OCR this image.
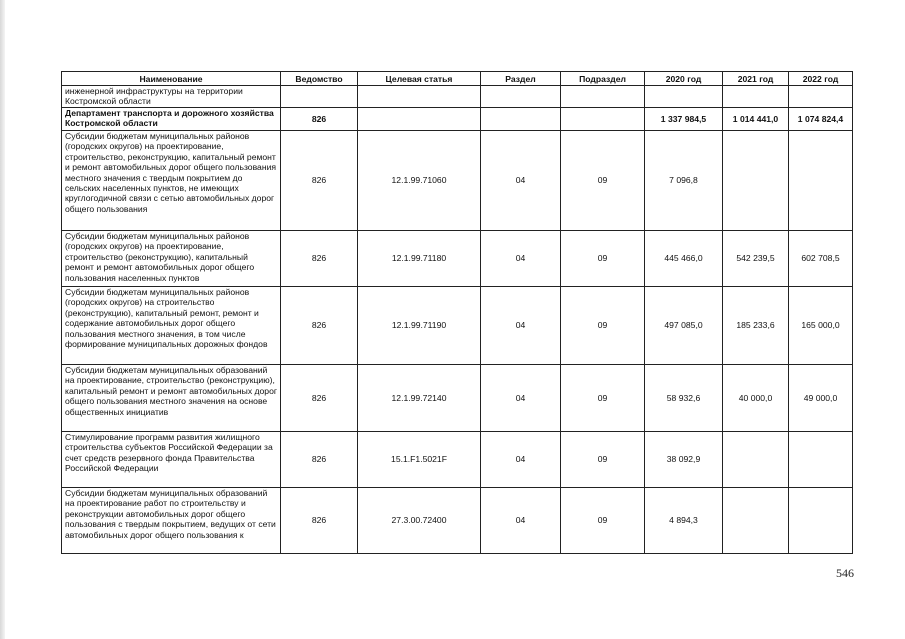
Наименование	Ведомство	Целевая статья	Раздел	Подраздел	2020 год	2021 год	2022 год
инженерной инфраструктуры на территории Костромской области							
Департамент транспорта и дорожного хозяйства Костромской области	826				1 337 984,5	1 014 441,0	1 074 824,4
Субсидии бюджетам муниципальных районов (городских округов) на проектирование, строительство, реконструкцию, капитальный ремонт и ремонт автомобильных дорог общего пользования местного значения с твердым покрытием до сельских населенных пунктов, не имеющих круглогодичной связи с сетью автомобильных дорог общего пользования	826	12.1.99.71060	04	09	7 096,8		
Субсидии бюджетам муниципальных районов (городских округов) на проектирование, строительство (реконструкцию), капитальный ремонт и ремонт автомобильных дорог общего пользования населенных пунктов	826	12.1.99.71180	04	09	445 466,0	542 239,5	602 708,5
Субсидии бюджетам муниципальных районов (городских округов) на строительство (реконструкцию), капитальный ремонт, ремонт и содержание автомобильных дорог общего пользования местного значения, в том числе формирование муниципальных дорожных фондов	826	12.1.99.71190	04	09	497 085,0	185 233,6	165 000,0
Субсидии бюджетам муниципальных образований на проектирование, строительство (реконструкцию), капитальный ремонт и ремонт автомобильных дорог общего пользования местного значения на основе общественных инициатив	826	12.1.99.72140	04	09	58 932,6	40 000,0	49 000,0
Стимулирование программ развития жилищного строительства субъектов Российской Федерации за счет средств резервного фонда Правительства Российской Федерации	826	15.1.F1.5021F	04	09	38 092,9		
Субсидии бюджетам муниципальных образований на проектирование работ по строительству и реконструкции автомобильных дорог общего пользования с твердым покрытием, ведущих от сети автомобильных дорог общего пользования к	826	27.3.00.72400	04	09	4 894,3		
546
